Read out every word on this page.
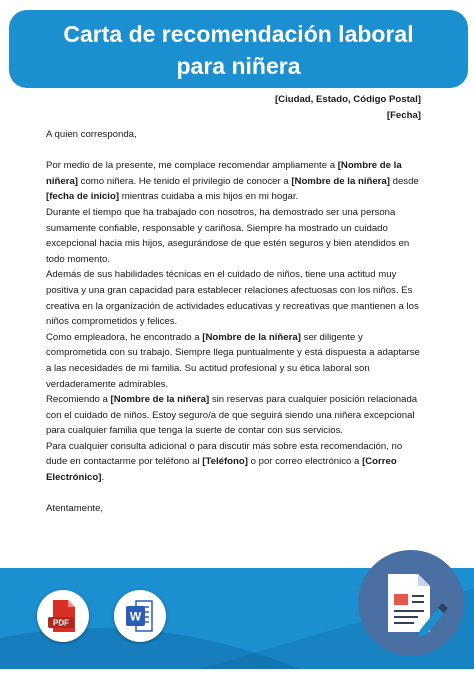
Carta de recomendación laboral
para niñera
[Ciudad, Estado, Código Postal]
[Fecha]

A quien corresponda,

Por medio de la presente, me complace recomendar ampliamente a [Nombre de la niñera] como niñera. He tenido el privilegio de conocer a [Nombre de la niñera] desde [fecha de inicio] mientras cuidaba a mis hijos en mi hogar.

Durante el tiempo que ha trabajado con nosotros, ha demostrado ser una persona sumamente confiable, responsable y cariñosa. Siempre ha mostrado un cuidado excepcional hacia mis hijos, asegurándose de que estén seguros y bien atendidos en todo momento.

Además de sus habilidades técnicas en el cuidado de niños, tiene una actitud muy positiva y una gran capacidad para establecer relaciones afectuosas con los niños. Es creativa en la organización de actividades educativas y recreativas que mantienen a los niños comprometidos y felices.

Como empleadora, he encontrado a [Nombre de la niñera] ser diligente y comprometida con su trabajo. Siempre llega puntualmente y está dispuesta a adaptarse a las necesidades de mi familia. Su actitud profesional y su ética laboral son verdaderamente admirables.

Recomiendo a [Nombre de la niñera] sin reservas para cualquier posición relacionada con el cuidado de niños. Estoy seguro/a de que seguirá siendo una niñera excepcional para cualquier familia que tenga la suerte de contar con sus servicios.

Para cualquier consulta adicional o para discutir más sobre esta recomendación, no dude en contactarme por teléfono al [Teléfono] o por correo electrónico a [Correo Electrónico].

Atentamente,

PDF	W
